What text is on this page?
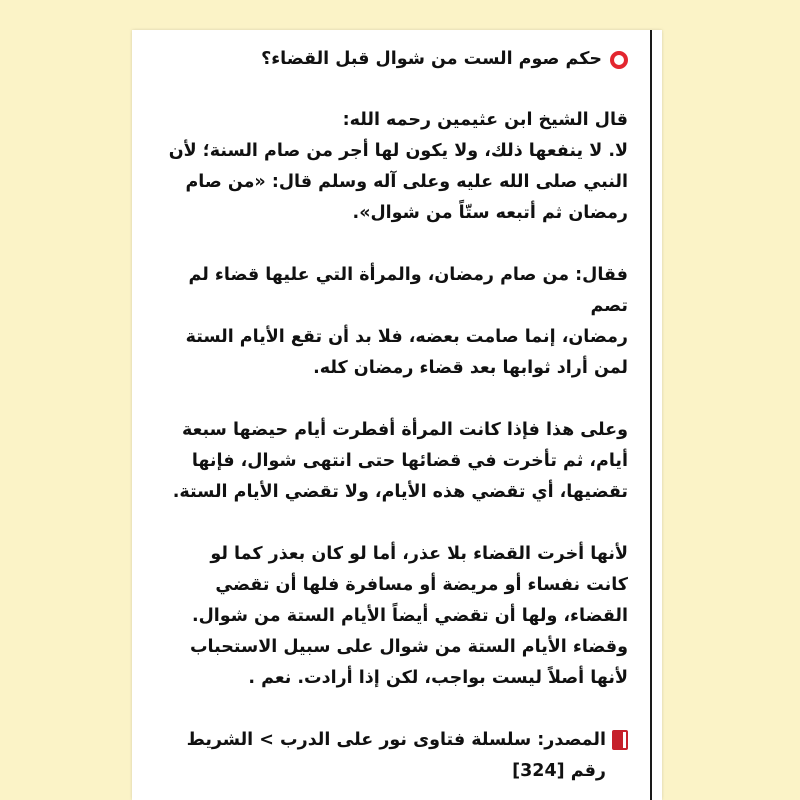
حكم صوم الست من شوال قبل القضاء؟

قال الشيخ ابن عثيمين رحمه الله:

لا. لا ينفعها ذلك، ولا يكون لها أجر من صام السنة؛ لأن

النبي صلى الله عليه وعلى آله وسلم قال: «من صام

رمضان ثم أتبعه ستّاً من شوال».

فقال: من صام رمضان، والمرأة التي عليها قضاء لم تصم

رمضان، إنما صامت بعضه، فلا بد أن تقع الأيام الستة

لمن أراد ثوابها بعد قضاء رمضان كله.

وعلى هذا فإذا كانت المرأة أفطرت أيام حيضها سبعة

أيام، ثم تأخرت في قضائها حتى انتهى شوال، فإنها

تقضيها، أي تقضي هذه الأيام، ولا تقضي الأيام الستة.

لأنها أخرت القضاء بلا عذر، أما لو كان بعذر كما لو

كانت نفساء أو مريضة أو مسافرة فلها أن تقضي

القضاء، ولها أن تقضي أيضاً الأيام الستة من شوال.

وقضاء الأيام الستة من شوال على سبيل الاستحباب

لأنها أصلاً ليست بواجب، لكن إذا أرادت. نعم .

المصدر: سلسلة فتاوى نور على الدرب > الشريط

رقم [324]
